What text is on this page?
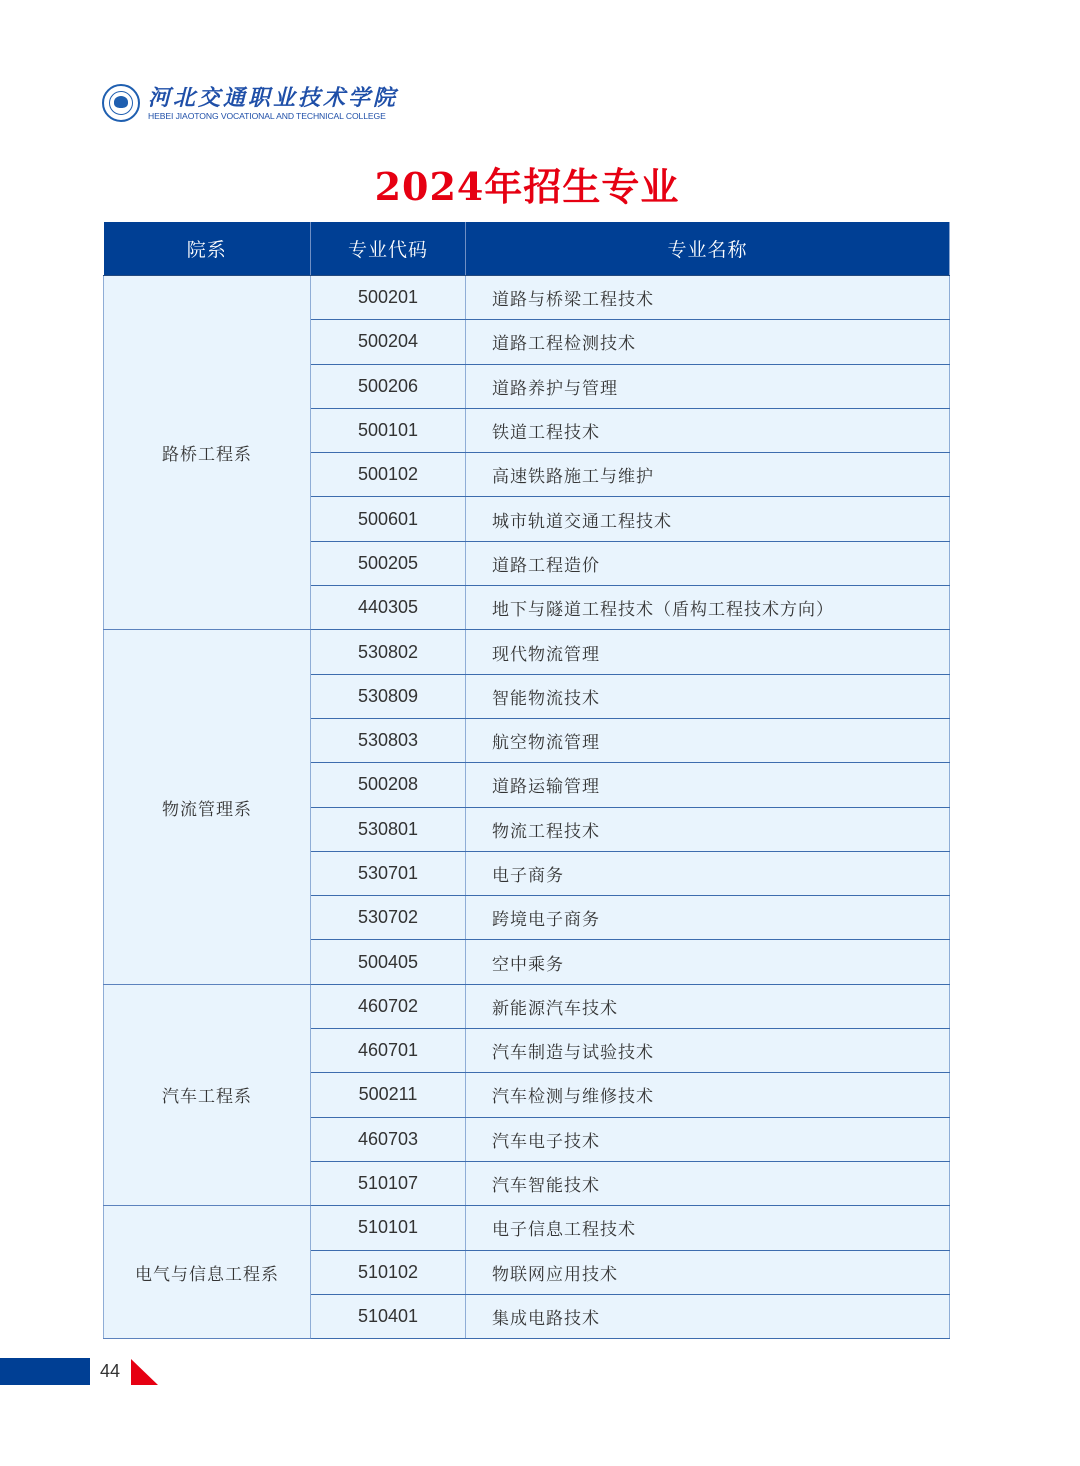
河北交通职业技术学院
HEBEI JIAOTONG VOCATIONAL AND TECHNICAL COLLEGE
2024年招生专业
院系	专业代码	专业名称
路桥工程系	500201	道路与桥梁工程技术
	500204	道路工程检测技术
	500206	道路养护与管理
	500101	铁道工程技术
	500102	高速铁路施工与维护
	500601	城市轨道交通工程技术
	500205	道路工程造价
	440305	地下与隧道工程技术（盾构工程技术方向）
物流管理系	530802	现代物流管理
	530809	智能物流技术
	530803	航空物流管理
	500208	道路运输管理
	530801	物流工程技术
	530701	电子商务
	530702	跨境电子商务
	500405	空中乘务
汽车工程系	460702	新能源汽车技术
	460701	汽车制造与试验技术
	500211	汽车检测与维修技术
	460703	汽车电子技术
	510107	汽车智能技术
电气与信息工程系	510101	电子信息工程技术
	510102	物联网应用技术
	510401	集成电路技术
44
